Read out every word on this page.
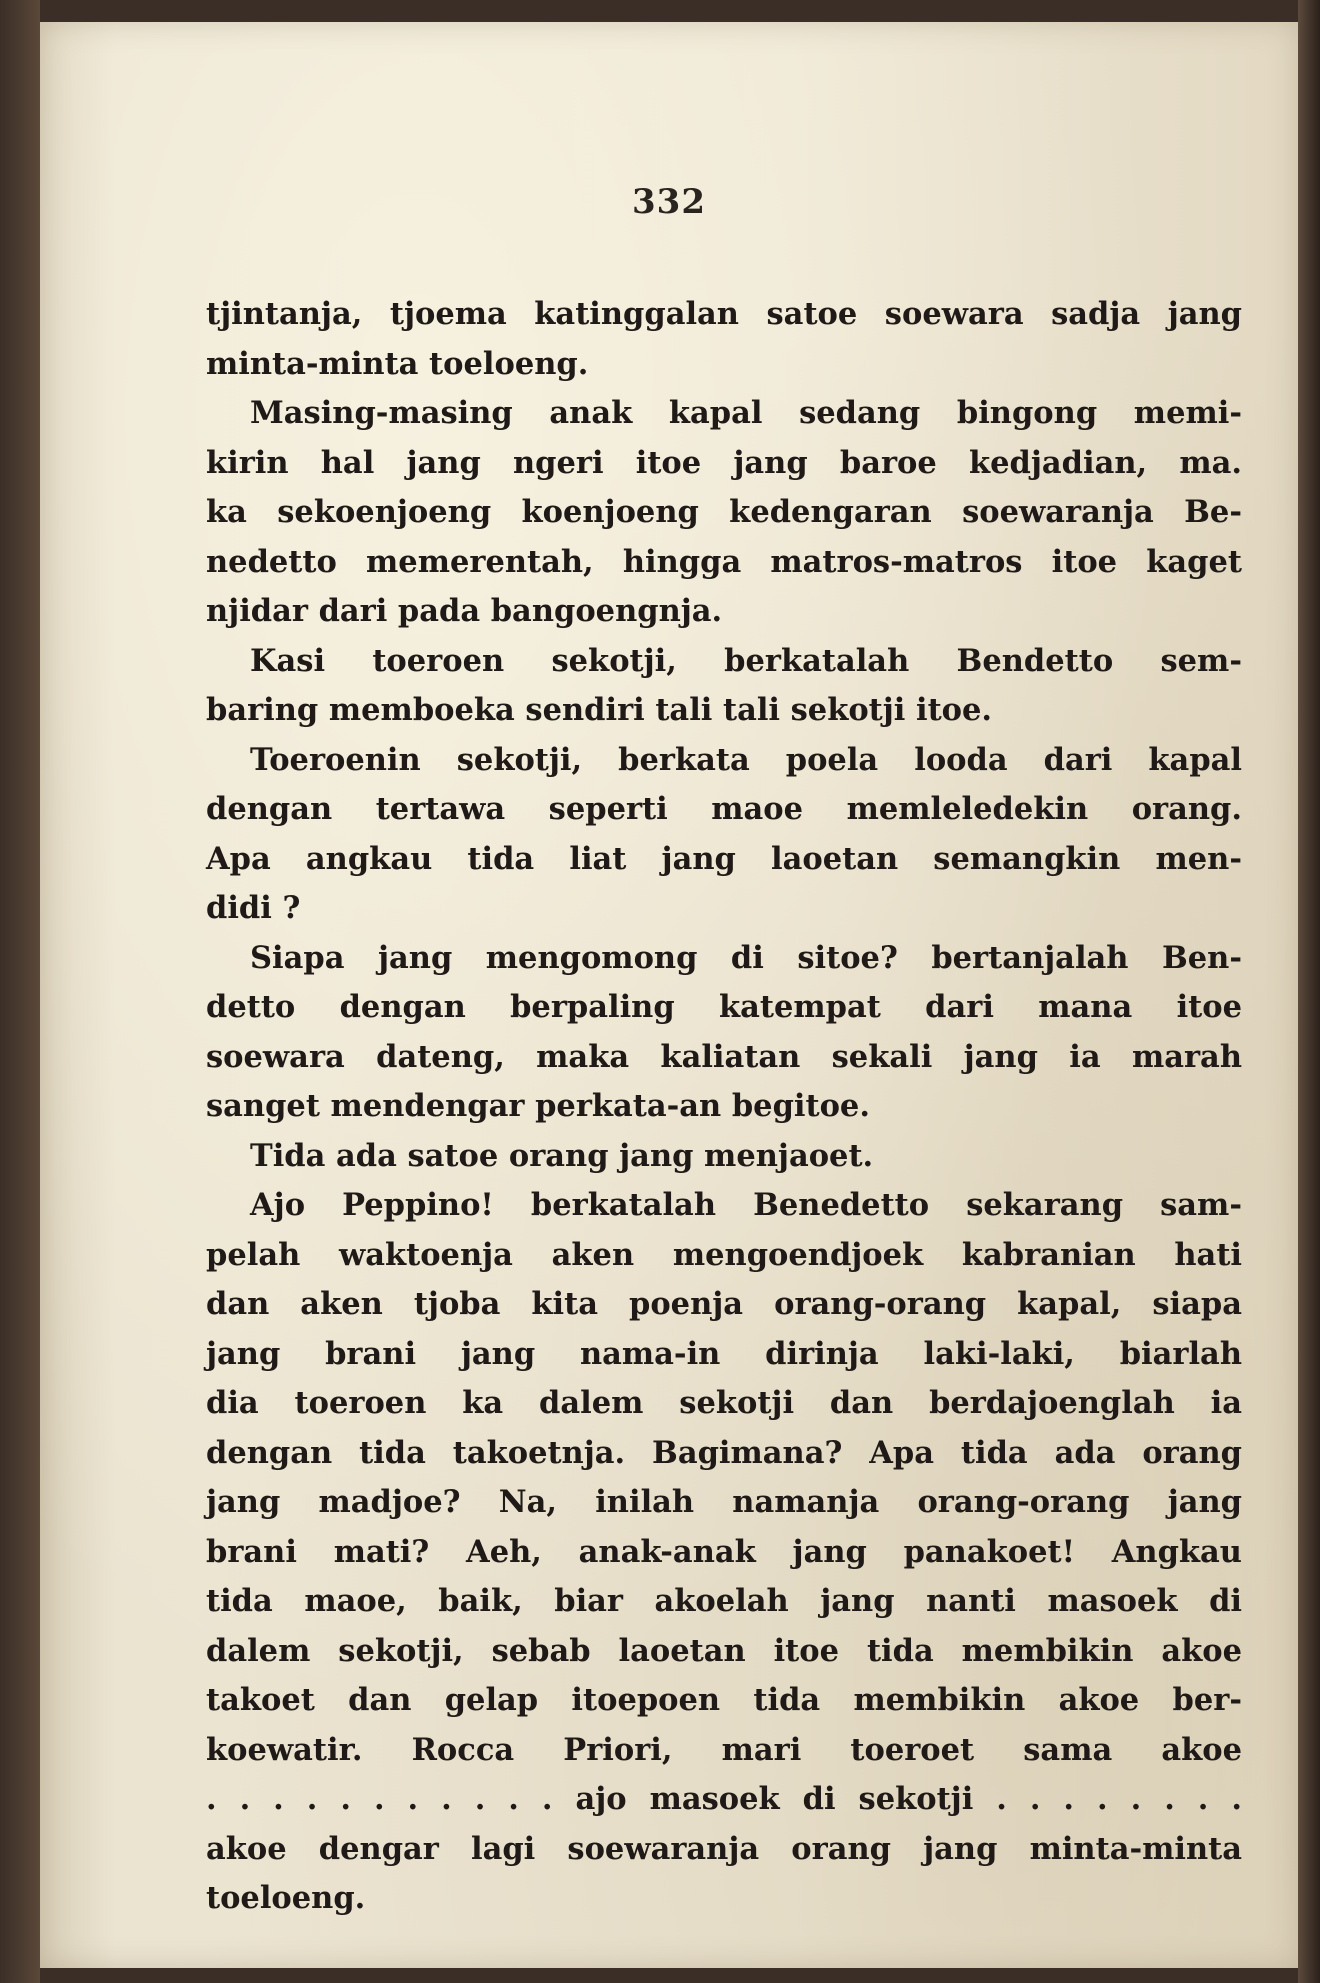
332
tjintanja, tjoema katinggalan satoe soewara sadja jang
minta-minta toeloeng.
Masing-masing anak kapal sedang bingong memi-
kirin hal jang ngeri itoe jang baroe kedjadian, ma.
ka sekoenjoeng koenjoeng kedengaran soewaranja Be-
nedetto memerentah, hingga matros-matros itoe kaget
njidar dari pada bangoengnja.
Kasi toeroen sekotji, berkatalah Bendetto sem-
baring memboeka sendiri tali tali sekotji itoe.
Toeroenin sekotji, berkata poela looda dari kapal
dengan tertawa seperti maoe memleledekin orang.
Apa angkau tida liat jang laoetan semangkin men-
didi ?
Siapa jang mengomong di sitoe? bertanjalah Ben-
detto dengan berpaling katempat dari mana itoe
soewara dateng, maka kaliatan sekali jang ia marah
sanget mendengar perkata-an begitoe.
Tida ada satoe orang jang menjaoet.
Ajo Peppino! berkatalah Benedetto sekarang sam-
pelah waktoenja aken mengoendjoek kabranian hati
dan aken tjoba kita poenja orang-orang kapal, siapa
jang brani jang nama-in dirinja laki-laki, biarlah
dia toeroen ka dalem sekotji dan berdajoenglah ia
dengan tida takoetnja. Bagimana? Apa tida ada orang
jang madjoe? Na, inilah namanja orang-orang jang
brani mati? Aeh, anak-anak jang panakoet! Angkau
tida maoe, baik, biar akoelah jang nanti masoek di
dalem sekotji, sebab laoetan itoe tida membikin akoe
takoet dan gelap itoepoen tida membikin akoe ber-
koewatir. Rocca Priori, mari toeroet sama akoe
. . . . . . . . . . . ajo masoek di sekotji . . . . . . . .
akoe dengar lagi soewaranja orang jang minta-minta
toeloeng.
